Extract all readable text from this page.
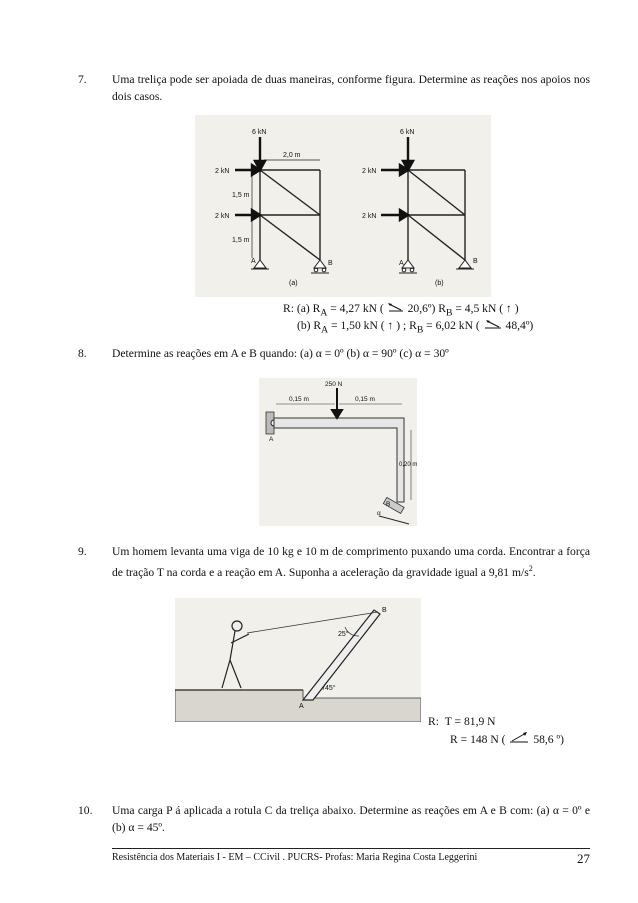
7. Uma treliça pode ser apoiada de duas maneiras, conforme figura. Determine as reações nos apoios nos dois casos.
6 kN	6 kN
2 kN
2 kN
2 kN
2 kN
2,0 m
1,5 m
1,5 m
A	B	A	B
(a)	(b)
R: (a) $R_A = 4,27$ kN (  20,6º) $R_B = 4,5$ kN ( ↑ )
(b) $R_A = 1,50$ kN ( ↑ ) ; $R_B = 6,02$ kN (  48,4º)
8. Determine as reações em A e B quando: (a) α = 0º (b) α = 90º (c) α = 30º
250 N
0,15 m	0,15 m
0,20 m
A
B
α
9. Um homem levanta uma viga de 10 kg e 10 m de comprimento puxando uma corda. Encontrar a força de tração T na corda e a reação em A. Suponha a aceleração da gravidade igual a 9,81 $m/s^2$.
25°
45°
A
B
R: T = 81,9 N
R = 148 N ( 58,6 º)
10. Uma carga P á aplicada a rotula C da treliça abaixo. Determine as reações em A e B com: (a) α = 0º e (b) α = 45º.
Resistência dos Materiais I - EM – CCivil . PUCRS- Profas: Maria Regina Costa Leggerini	27
